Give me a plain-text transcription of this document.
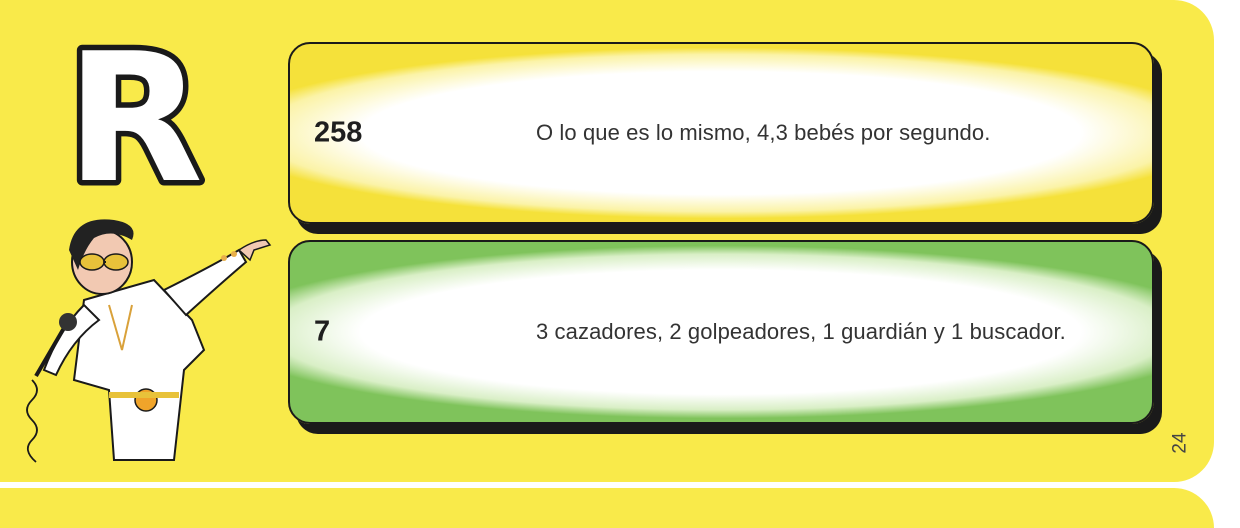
R	258	O lo que es lo mismo, 4,3 bebés por segundo.
7	3 cazadores, 2 golpeadores, 1 guardián y 1 buscador.
24
